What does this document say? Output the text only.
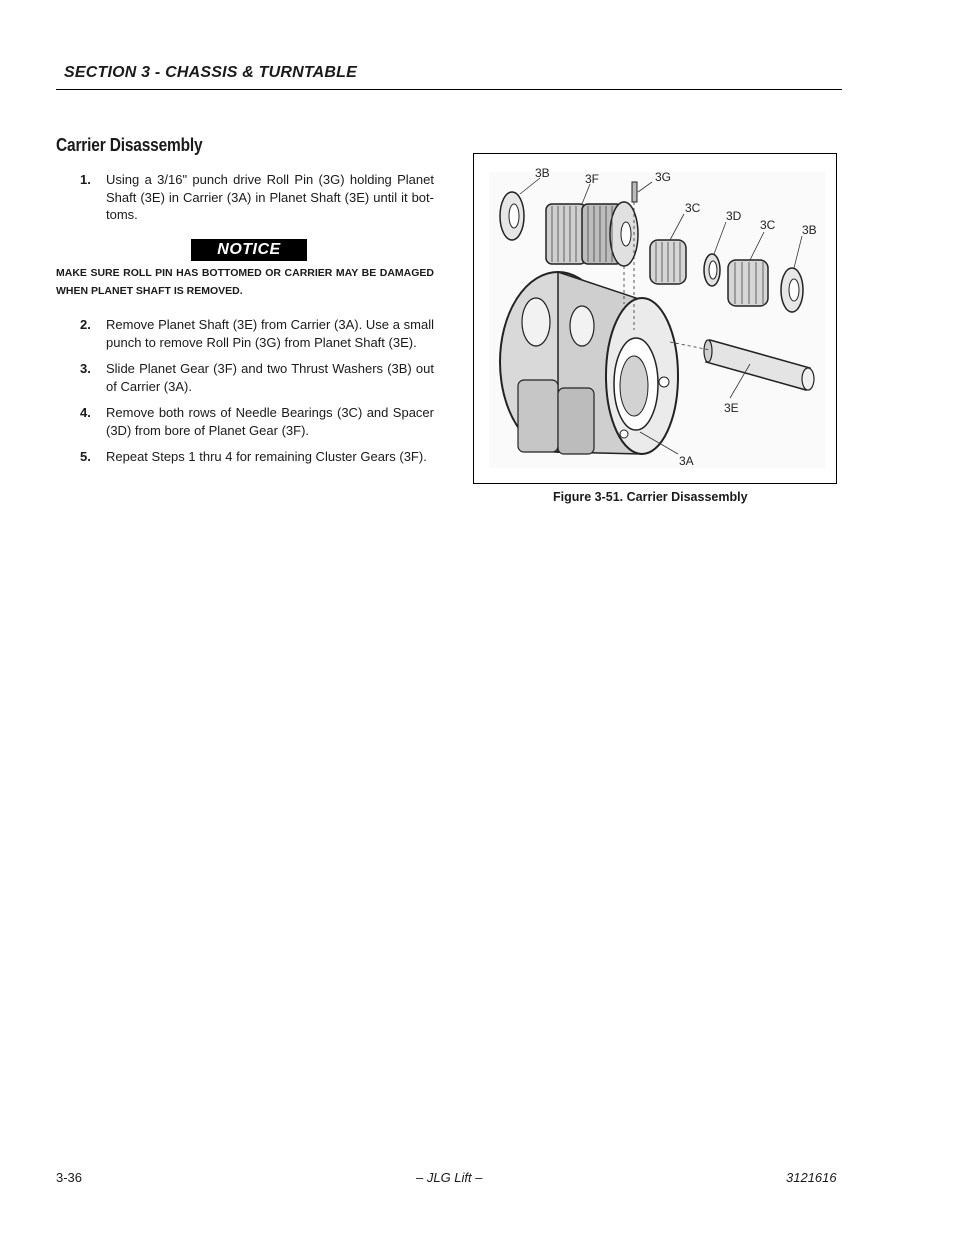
SECTION 3 - CHASSIS & TURNTABLE
Carrier Disassembly
1. Using a 3/16" punch drive Roll Pin (3G) holding Planet Shaft (3E) in Carrier (3A) in Planet Shaft (3E) until it bottoms.
NOTICE
MAKE SURE ROLL PIN HAS BOTTOMED OR CARRIER MAY BE DAMAGED WHEN PLANET SHAFT IS REMOVED.
2. Remove Planet Shaft (3E) from Carrier (3A). Use a small punch to remove Roll Pin (3G) from Planet Shaft (3E).
3. Slide Planet Gear (3F) and two Thrust Washers (3B) out of Carrier (3A).
4. Remove both rows of Needle Bearings (3C) and Spacer (3D) from bore of Planet Gear (3F).
5. Repeat Steps 1 thru 4 for remaining Cluster Gears (3F).
3B	3F	3G
3C
3D
3C 3B
3E
3A
Figure 3-51. Carrier Disassembly
3-36	– JLG Lift –	3121616
